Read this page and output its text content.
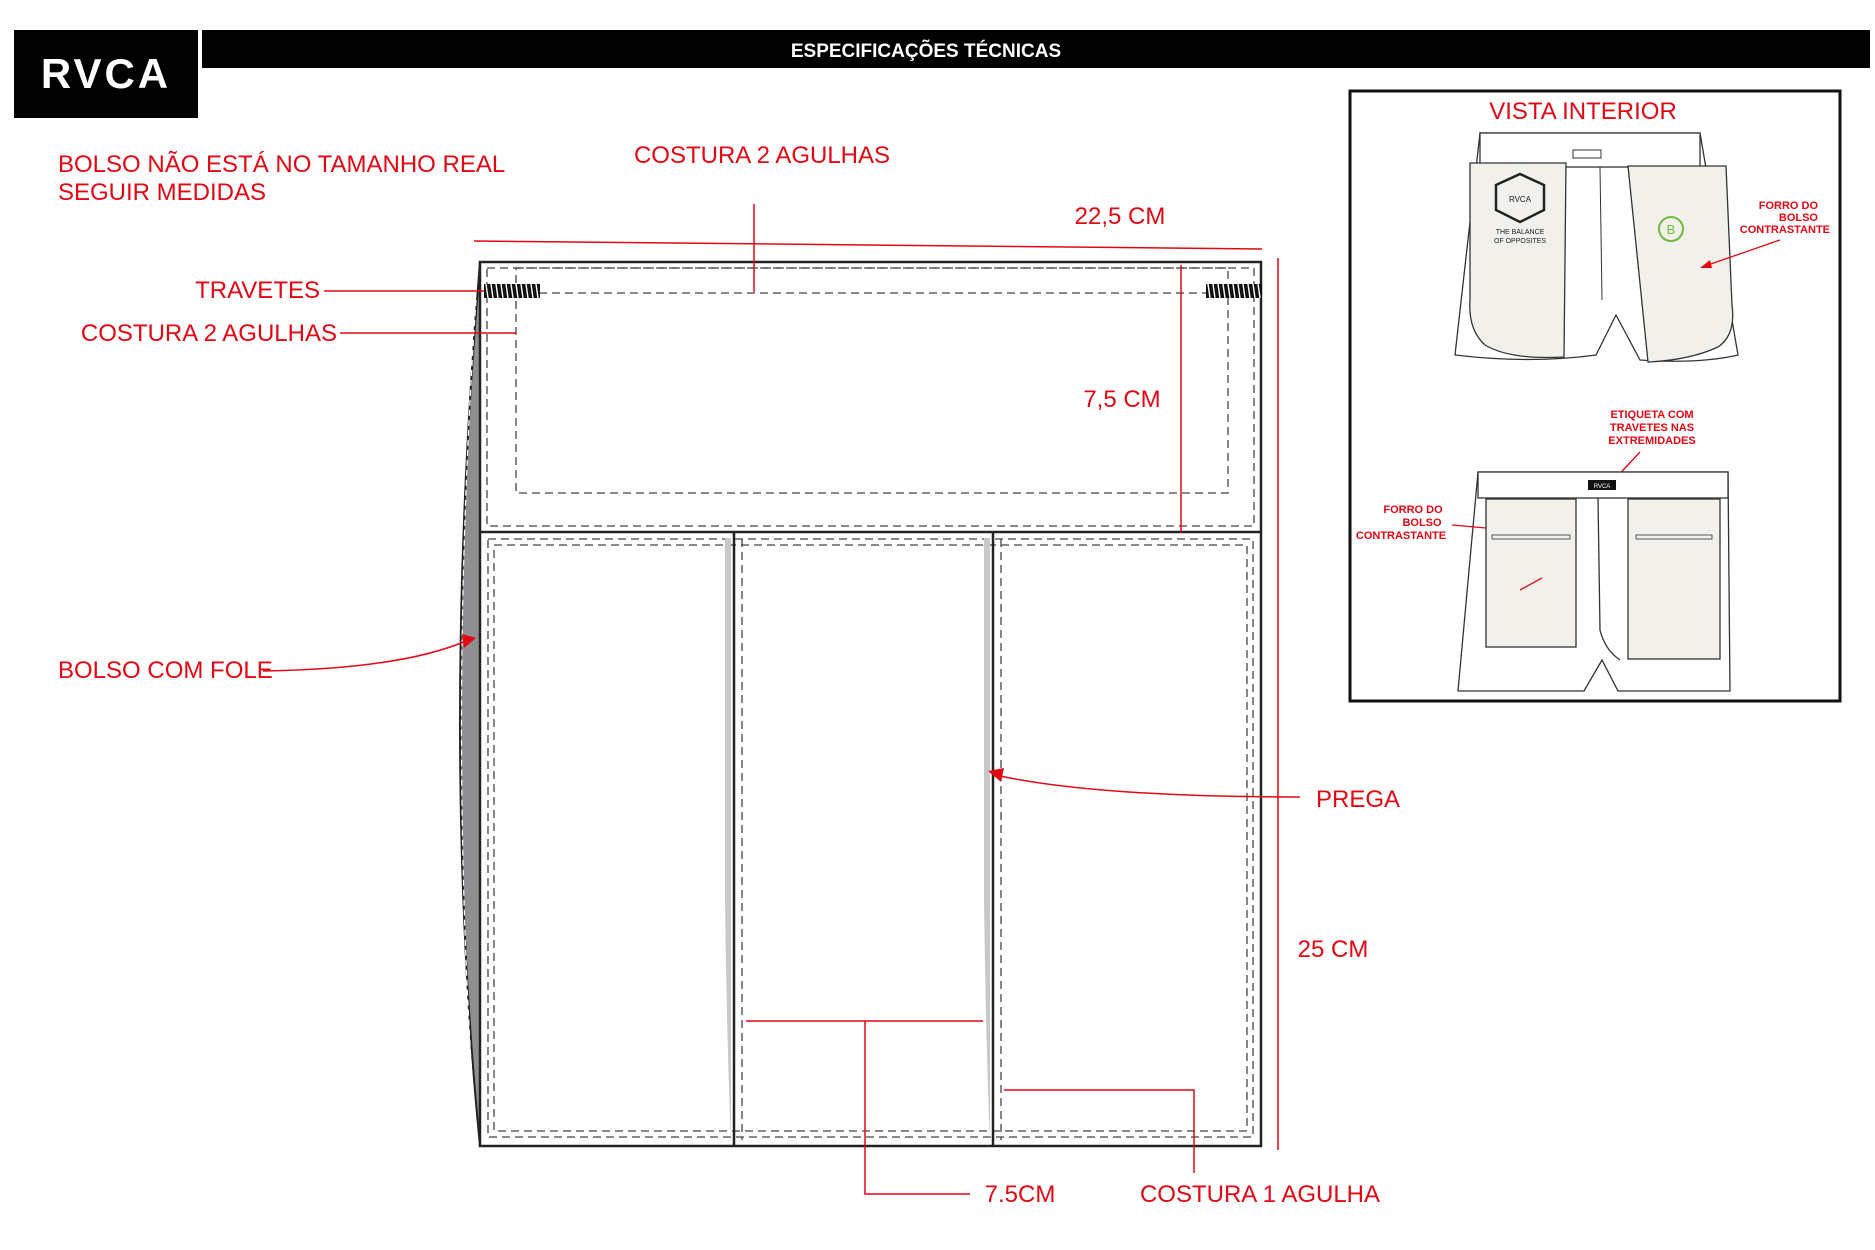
RVCA	ESPECIFICAÇÕES TÉCNICAS
BOLSO NÃO ESTÁ NO TAMANHO REAL
SEGUIR MEDIDAS
COSTURA 2 AGULHAS
22,5 CM
TRAVETES
COSTURA 2 AGULHAS
7,5 CM
BOLSO COM FOLE
PREGA
25 CM
7.5CM	COSTURA 1 AGULHA
VISTA INTERIOR
RVCA
THE BALANCE
OF OPPOSITES
B
FORRO DO
BOLSO
CONTRASTANTE
ETIQUETA COM
TRAVETES NAS
EXTREMIDADES
RVCA
FORRO DO
BOLSO
CONTRASTANTE
